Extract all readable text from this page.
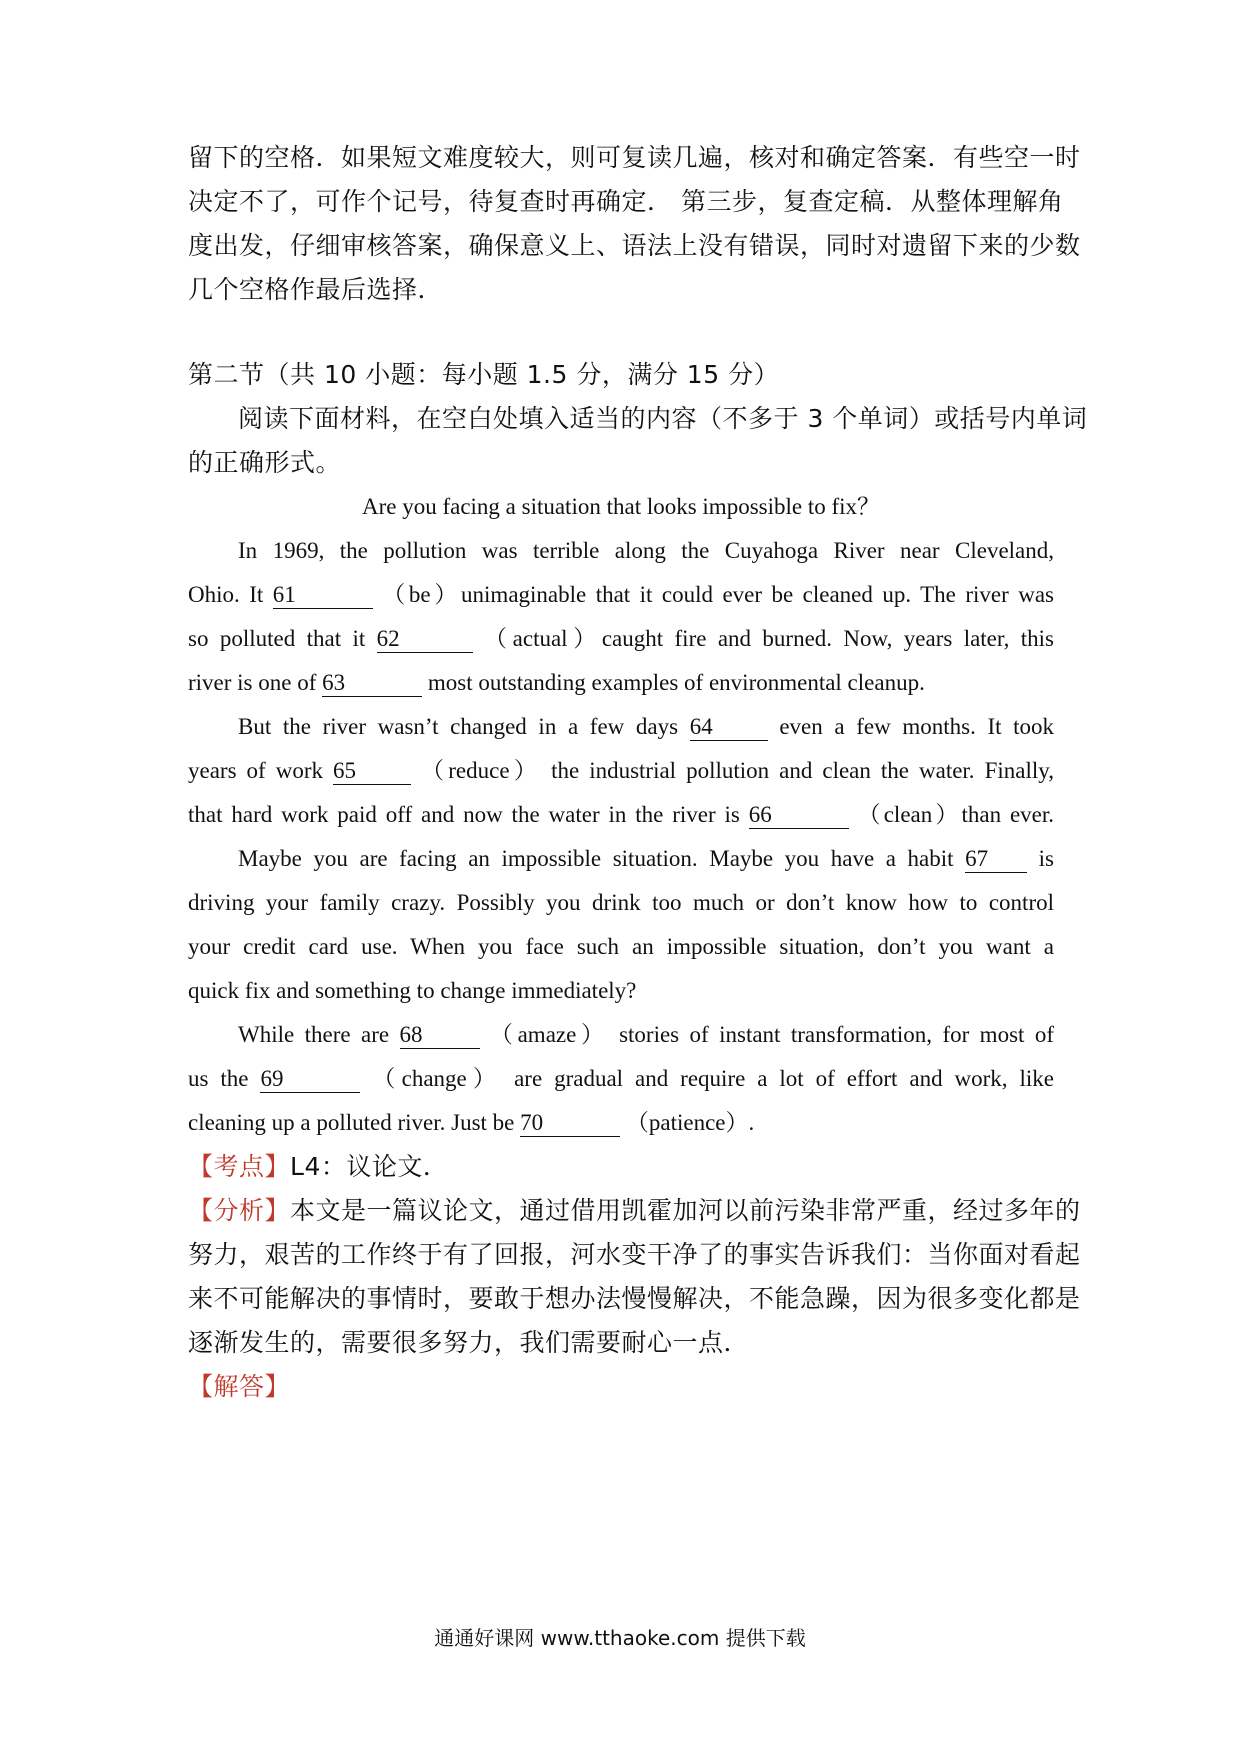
留下的空格．如果短文难度较大，则可复读几遍，核对和确定答案．有些空一时
决定不了，可作个记号，待复查时再确定． 第三步，复查定稿．从整体理解角
度出发，仔细审核答案，确保意义上、语法上没有错误，同时对遗留下来的少数
几个空格作最后选择．
第二节（共 10 小题：每小题 1.5 分，满分 15 分）
阅读下面材料，在空白处填入适当的内容（不多于 3 个单词）或括号内单词
的正确形式。
Are you facing a situation that looks impossible to fix？
In 1969, the pollution was terrible along the Cuyahoga River near Cleveland,
Ohio. It 61	（be）unimaginable that it could ever be cleaned up. The river was
so polluted that it 62	（actual）caught fire and burned. Now, years later, this
river is one of 63	most outstanding examples of environmental cleanup.
But the river wasn’t changed in a few days 64	even a few months. It took
years of work 65	（reduce） the industrial pollution and clean the water. Finally,
that hard work paid off and now the water in the river is 66	（clean）than ever.
Maybe you are facing an impossible situation. Maybe you have a habit 67 is
driving your family crazy. Possibly you drink too much or don’t know how to control
your credit card use. When you face such an impossible situation, don’t you want a
quick fix and something to change immediately?
While there are 68	（amaze） stories of instant transformation, for most of
us the 69	（change） are gradual and require a lot of effort and work, like
cleaning up a polluted river. Just be 70	（patience）.
【考点】L4：议论文．
【分析】本文是一篇议论文，通过借用凯霍加河以前污染非常严重，经过多年的
努力，艰苦的工作终于有了回报，河水变干净了的事实告诉我们：当你面对看起
来不可能解决的事情时，要敢于想办法慢慢解决，不能急躁，因为很多变化都是
逐渐发生的，需要很多努力，我们需要耐心一点．
【解答】
通通好课网 www.tthaoke.com 提供下载
